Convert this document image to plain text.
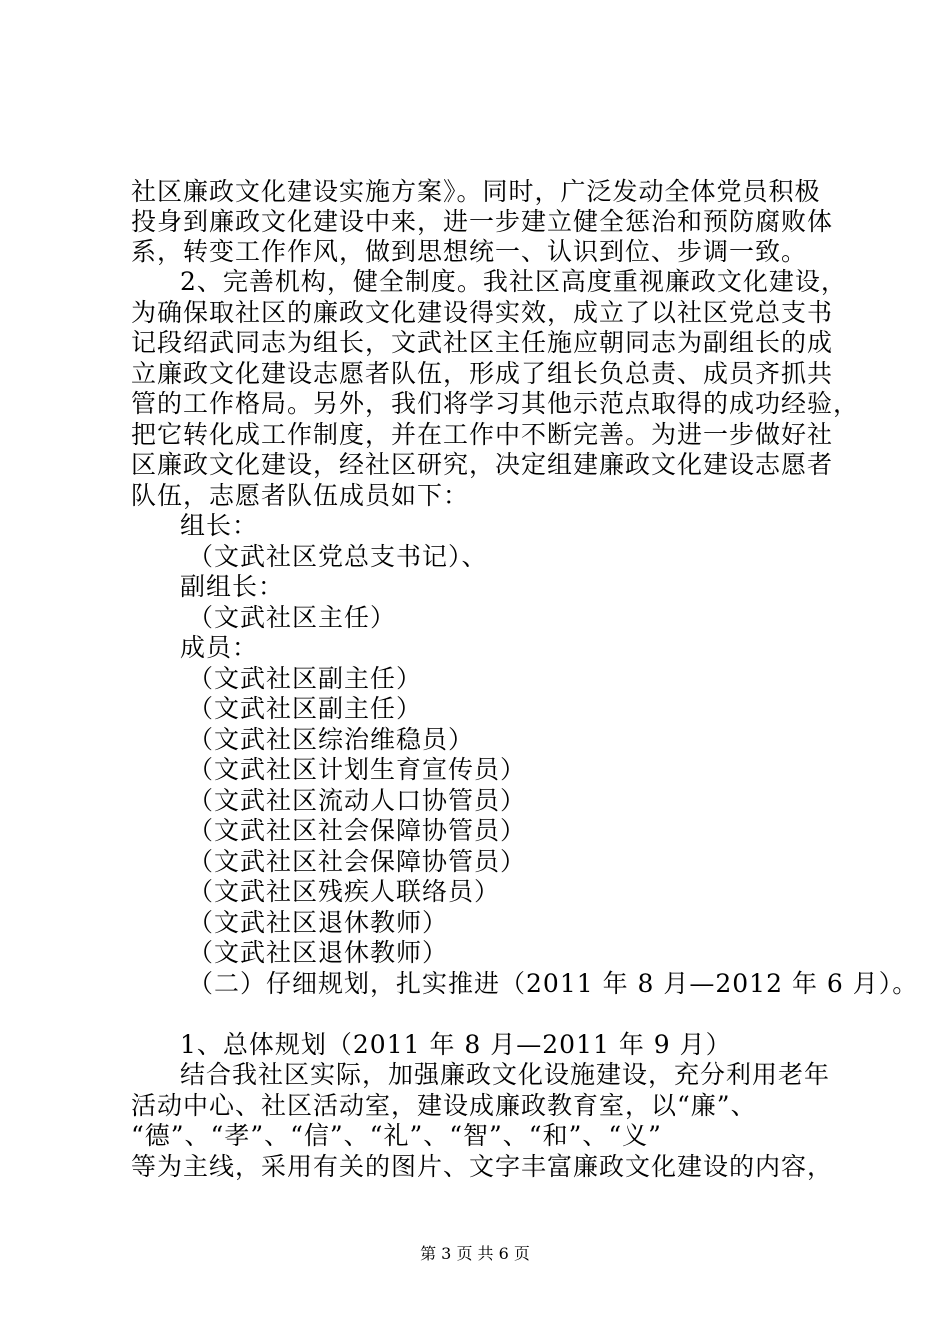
社区廉政文化建设实施方案》。同时，广泛发动全体党员积极
投身到廉政文化建设中来，进一步建立健全惩治和预防腐败体
系，转变工作作风，做到思想统一、认识到位、步调一致。
2、完善机构，健全制度。我社区高度重视廉政文化建设，
为确保取社区的廉政文化建设得实效，成立了以社区党总支书
记段绍武同志为组长，文武社区主任施应朝同志为副组长的成
立廉政文化建设志愿者队伍，形成了组长负总责、成员齐抓共
管的工作格局。另外，我们将学习其他示范点取得的成功经验，
把它转化成工作制度，并在工作中不断完善。为进一步做好社
区廉政文化建设，经社区研究，决定组建廉政文化建设志愿者
队伍，志愿者队伍成员如下：
组长：
（文武社区党总支书记）、
副组长：
（文武社区主任）
成员：
（文武社区副主任）
（文武社区副主任）
（文武社区综治维稳员）
（文武社区计划生育宣传员）
（文武社区流动人口协管员）
（文武社区社会保障协管员）
（文武社区社会保障协管员）
（文武社区残疾人联络员）
（文武社区退休教师）
（文武社区退休教师）
（二）仔细规划，扎实推进（2011 年 8 月—2012 年 6 月）。
1、总体规划（2011 年 8 月—2011 年 9 月）
结合我社区实际，加强廉政文化设施建设，充分利用老年
活动中心、社区活动室，建设成廉政教育室，以“廉”、
“德”、“孝”、“信”、“礼”、“智”、“和”、“义”
等为主线，采用有关的图片、文字丰富廉政文化建设的内容，
第 3 页 共 6 页
